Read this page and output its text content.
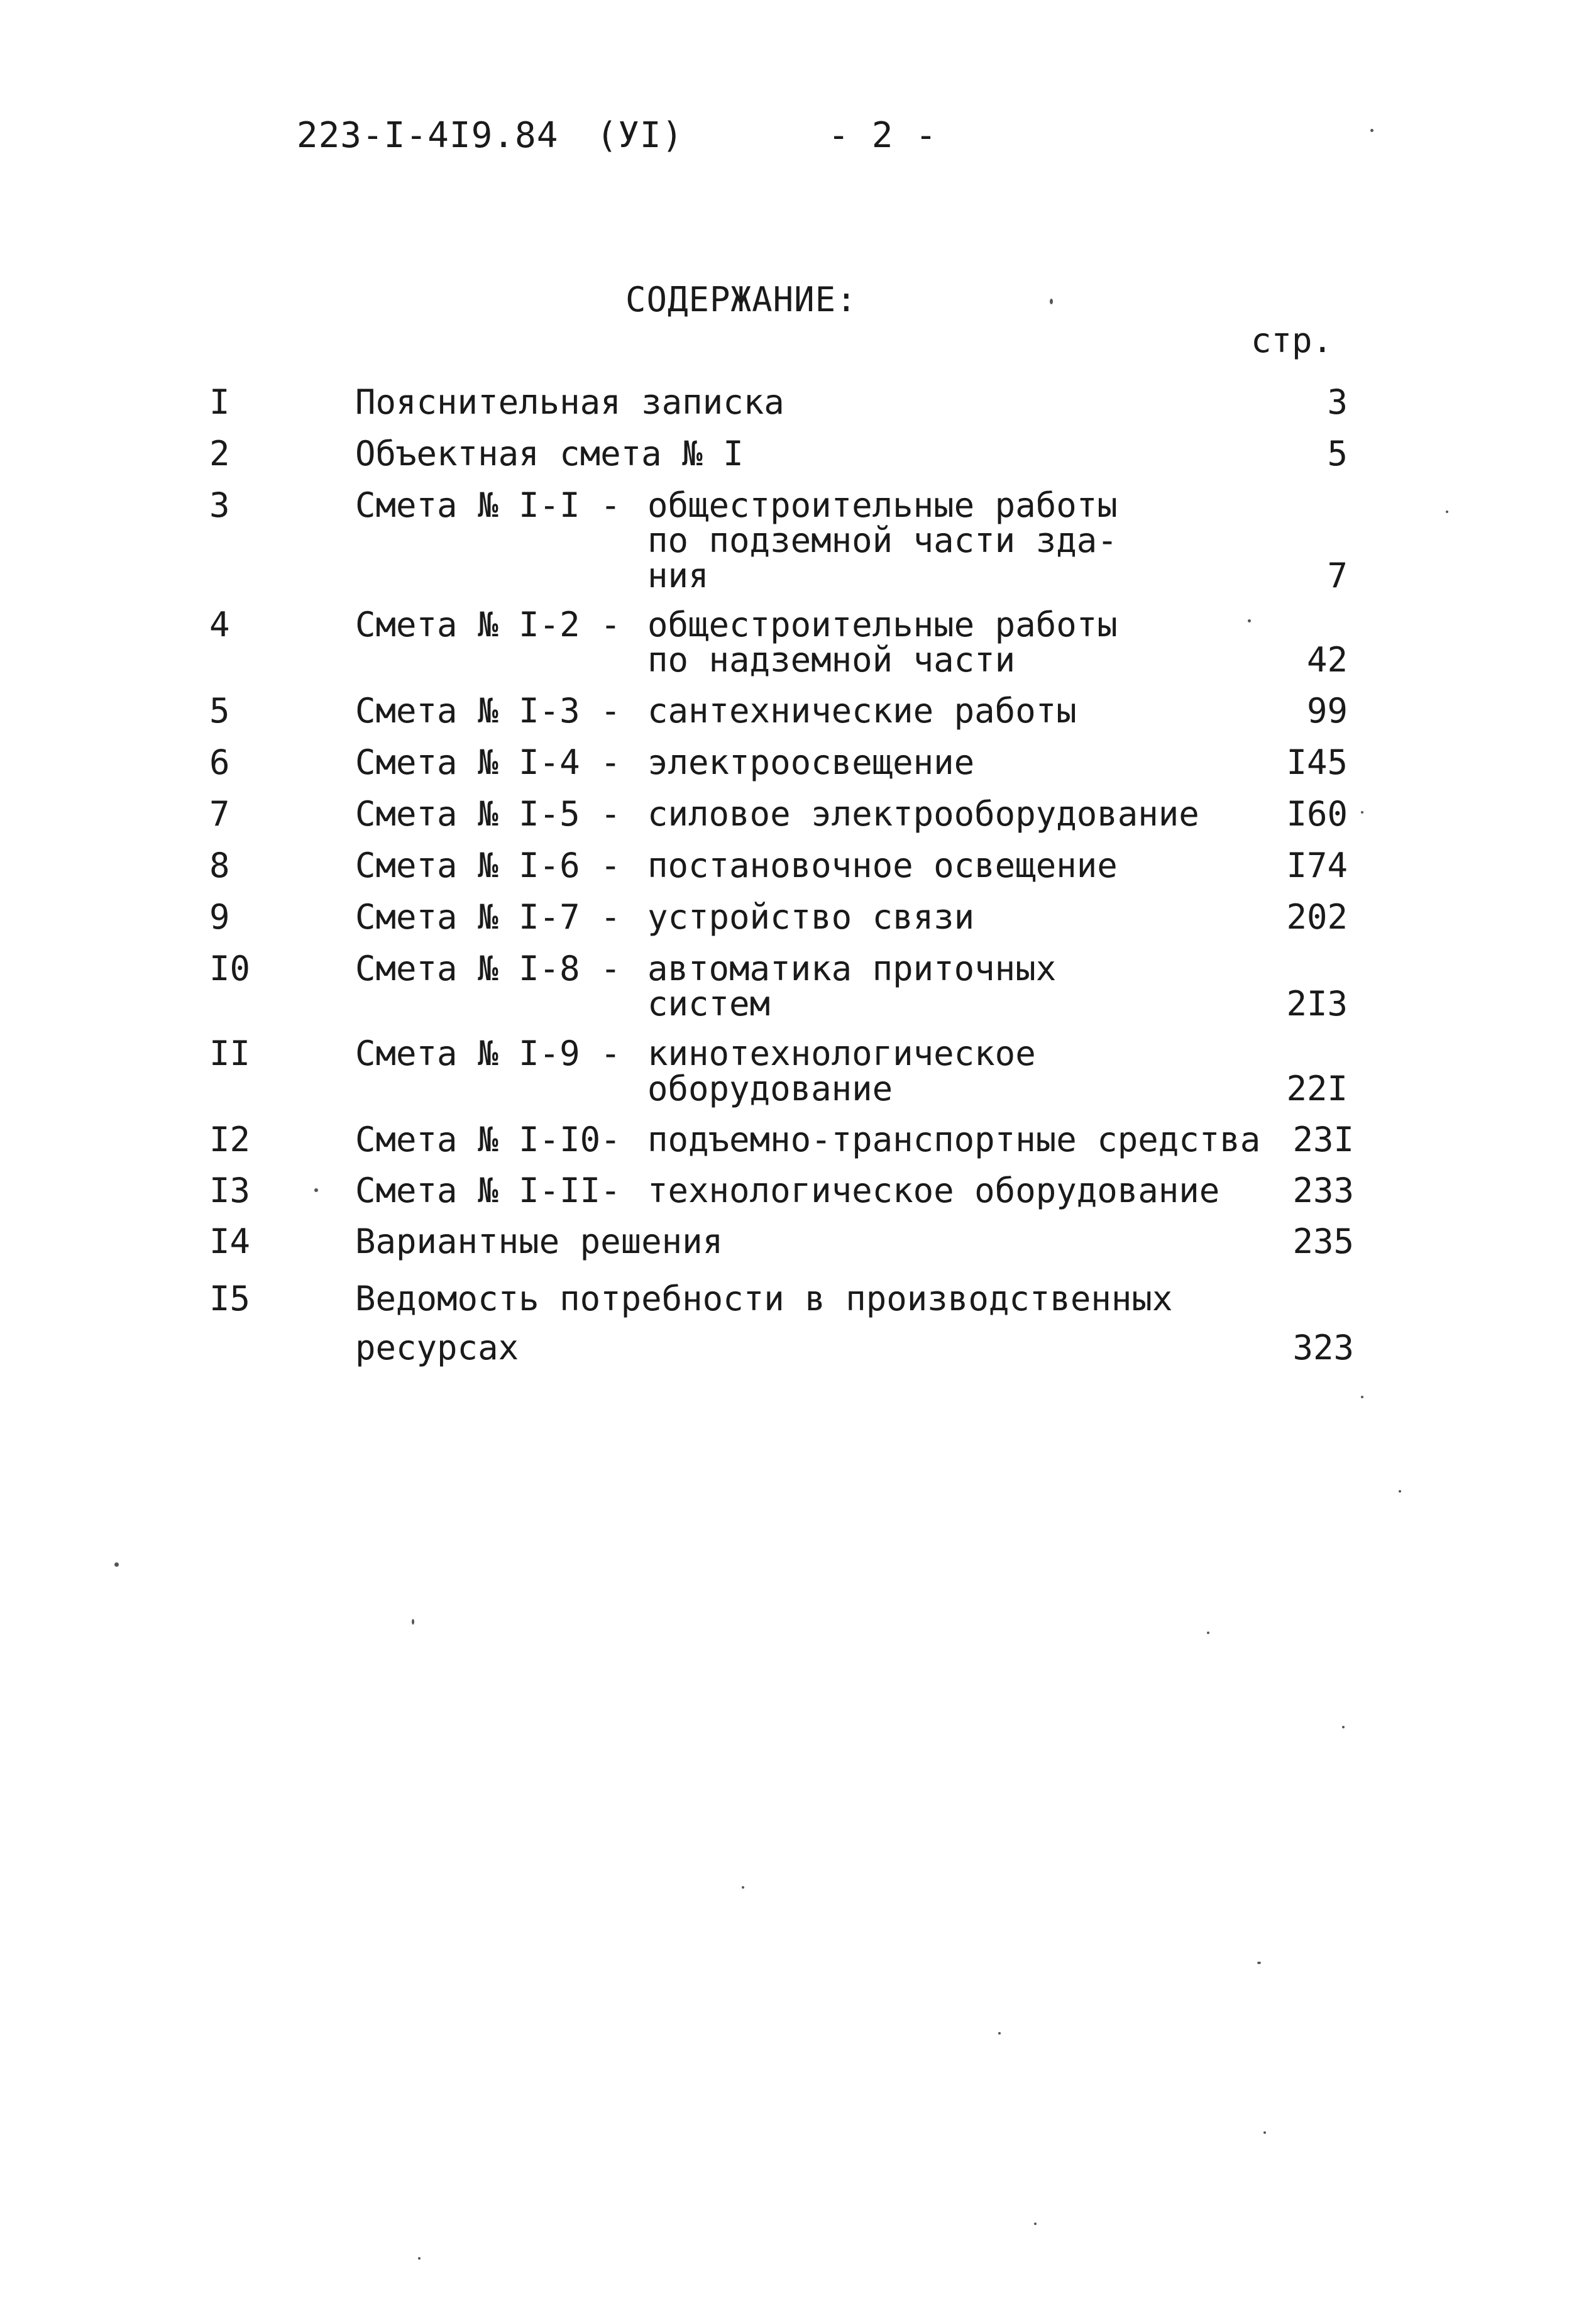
223-I-4I9.84 (УI)	- 2 -

СОДЕРЖАНИЕ:
стр.
I	Пояснительная записка	3
2	Объектная смета № I	5
3	Смета № I-I - общестроительные работы
по подземной части зда-
ния	7
4	Смета № I-2 - общестроительные работы
по надземной части	42
5	Смета № I-3 - сантехнические работы	99
6	Смета № I-4 - электроосвещение	I45
7	Смета № I-5 - силовое электрооборудование	I60
8	Смета № I-6 - постановочное освещение	I74
9	Смета № I-7 - устройство связи	202
I0	Смета № I-8 - автоматика приточных
систем	2I3
II	Смета № I-9 - кинотехнологическое
оборудование	22I
I2	Смета № I-I0- подъемно-транспортные средства 23I
I3	Смета № I-II- технологическое оборудование 233
I4	Вариантные решения	235
I5	Ведомость потребности в производственных
ресурсах	323
